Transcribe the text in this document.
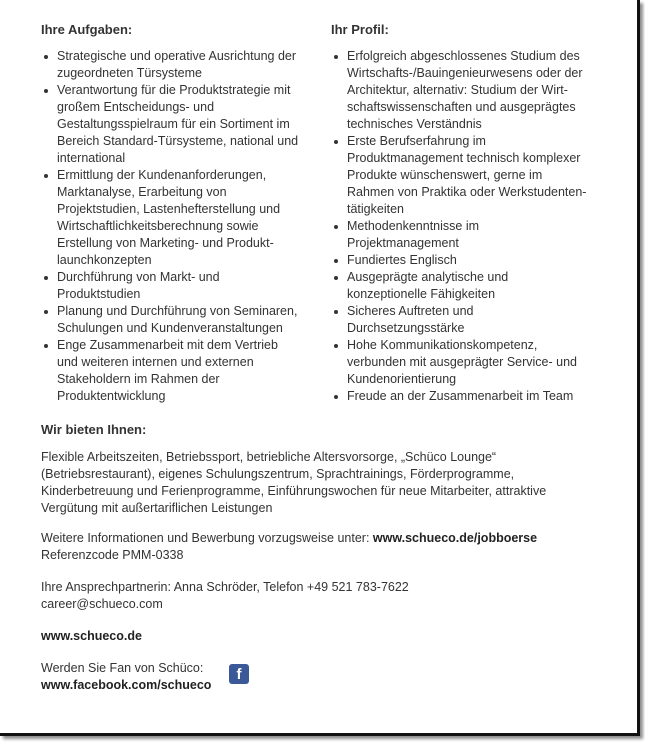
Ihre Aufgaben:
Strategische und operative Ausrichtung der
zugeordneten Türsysteme
Verantwortung für die Produktstrategie mit
großem Entscheidungs- und
Gestaltungsspielraum für ein Sortiment im
Bereich Standard-Türsysteme, national und
international
Ermittlung der Kundenanforderungen,
Marktanalyse, Erarbeitung von
Projektstudien, Lastenhefterstellung und
Wirtschaftlichkeitsberechnung sowie
Erstellung von Marketing- und Produkt-
launchkonzepten
Durchführung von Markt- und
Produktstudien
Planung und Durchführung von Seminaren,
Schulungen und Kundenveranstaltungen
Enge Zusammenarbeit mit dem Vertrieb
und weiteren internen und externen
Stakeholdern im Rahmen der
Produktentwicklung
Ihr Profil:
Erfolgreich abgeschlossenes Studium des
Wirtschafts-/Bauingenieurwesens oder der
Architektur, alternativ: Studium der Wirt-
schaftswissenschaften und ausgeprägtes
technisches Verständnis
Erste Berufserfahrung im
Produktmanagement technisch komplexer
Produkte wünschenswert, gerne im
Rahmen von Praktika oder Werkstudenten-
tätigkeiten
Methodenkenntnisse im
Projektmanagement
Fundiertes Englisch
Ausgeprägte analytische und
konzeptionelle Fähigkeiten
Sicheres Auftreten und
Durchsetzungsstärke
Hohe Kommunikationskompetenz,
verbunden mit ausgeprägter Service- und
Kundenorientierung
Freude an der Zusammenarbeit im Team
Wir bieten Ihnen:
Flexible Arbeitszeiten, Betriebssport, betriebliche Altersvorsorge, „Schüco Lounge“
(Betriebsrestaurant), eigenes Schulungszentrum, Sprachtrainings, Förderprogramme,
Kinderbetreuung und Ferienprogramme, Einführungswochen für neue Mitarbeiter, attraktive
Vergütung mit außertariflichen Leistungen
Weitere Informationen und Bewerbung vorzugsweise unter: www.schueco.de/jobboerse
Referenzcode PMM-0338
Ihre Ansprechpartnerin: Anna Schröder, Telefon +49 521 783-7622
career@schueco.com
www.schueco.de
Werden Sie Fan von Schüco:
www.facebook.com/schueco
f
